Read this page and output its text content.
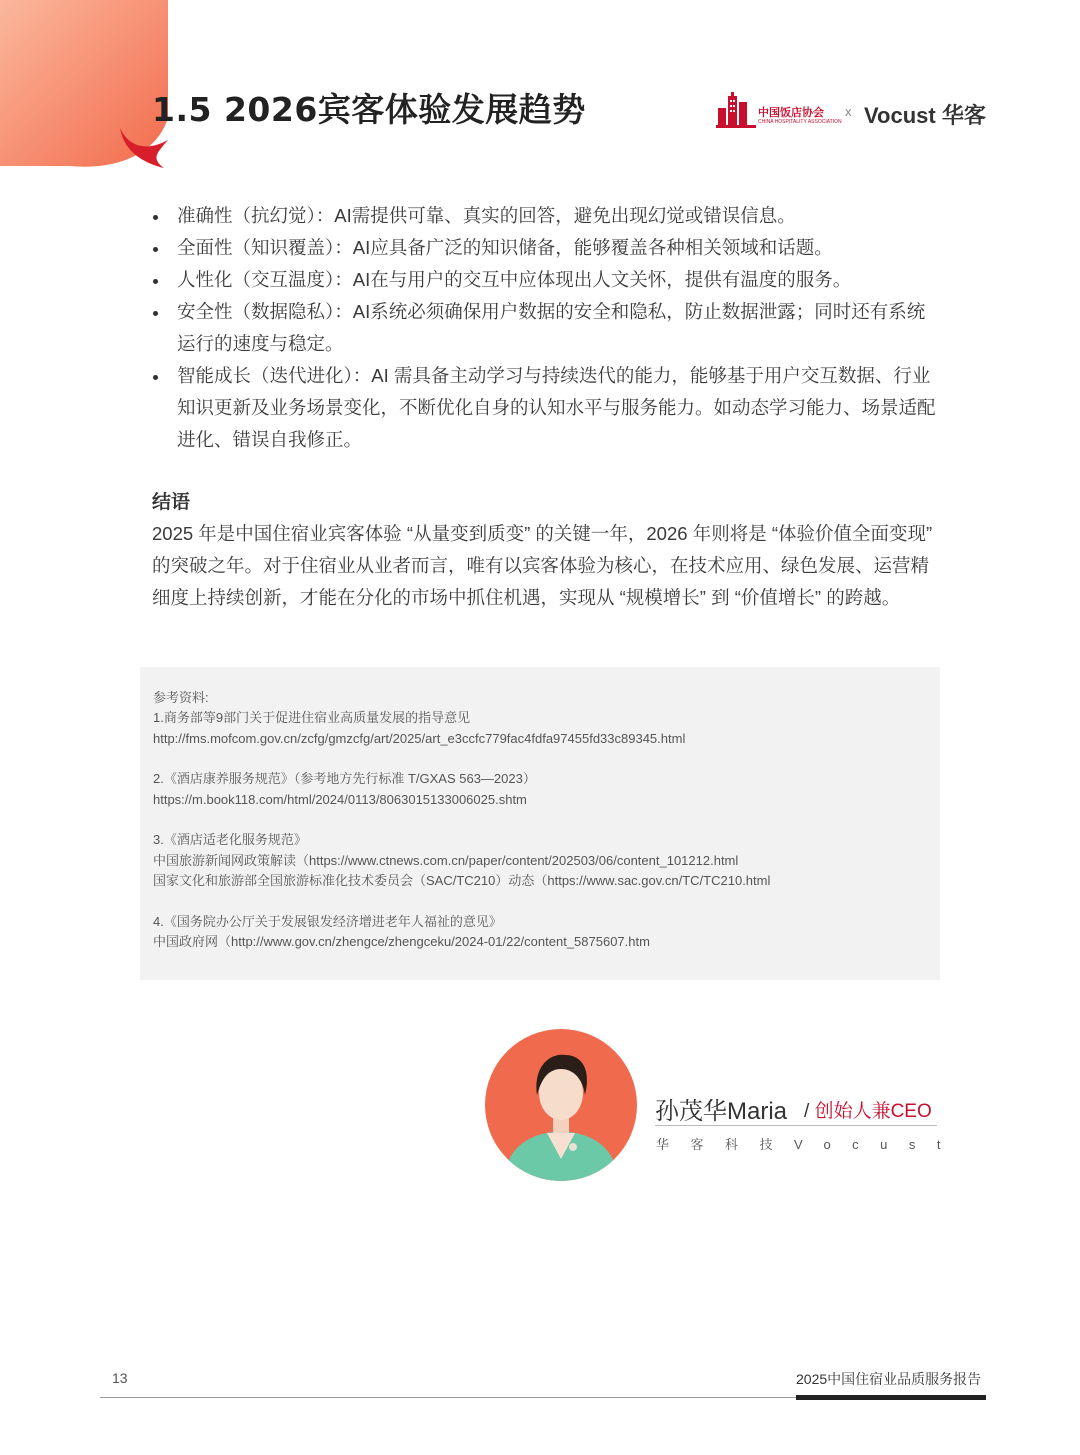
1.5 2026宾客体验发展趋势	中国饭店协会
CHINA HOSPITALITY ASSOCIATION
x Vocust 华客
准确性（抗幻觉）：AI需提供可靠、真实的回答，避免出现幻觉或错误信息。
全面性（知识覆盖）：AI应具备广泛的知识储备，能够覆盖各种相关领域和话题。
人性化（交互温度）：AI在与用户的交互中应体现出人文关怀，提供有温度的服务。
安全性（数据隐私）：AI系统必须确保用户数据的安全和隐私，防止数据泄露；同时还有系统运行的速度与稳定。
智能成长（迭代进化）：AI 需具备主动学习与持续迭代的能力，能够基于用户交互数据、行业知识更新及业务场景变化，不断优化自身的认知水平与服务能力。如动态学习能力、场景适配进化、错误自我修正。
结语

2025 年是中国住宿业宾客体验 “从量变到质变” 的关键一年，2026 年则将是 “体验价值全面变现” 的突破之年。对于住宿业从业者而言，唯有以宾客体验为核心，在技术应用、绿色发展、运营精细度上持续创新，才能在分化的市场中抓住机遇，实现从 “规模增长” 到 “价值增长” 的跨越。

参考资料:
1.商务部等9部门关于促进住宿业高质量发展的指导意见
http://fms.mofcom.gov.cn/zcfg/gmzcfg/art/2025/art_e3ccfc779fac4fdfa97455fd33c89345.html
2.《酒店康养服务规范》（参考地方先行标准 T/GXAS 563—2023）
https://m.book118.com/html/2024/0113/8063015133006025.shtm
3.《酒店适老化服务规范》
中国旅游新闻网政策解读（https://www.ctnews.com.cn/paper/content/202503/06/content_101212.html
国家文化和旅游部全国旅游标准化技术委员会（SAC/TC210）动态（https://www.sac.gov.cn/TC/TC210.html
4.《国务院办公厅关于发展银发经济增进老年人福祉的意见》
中国政府网（http://www.gov.cn/zhengce/zhengceku/2024-01/22/content_5875607.htm
孙茂华Maria / 创始人兼CEO
华客科技Vocust
13	2025中国住宿业品质服务报告
